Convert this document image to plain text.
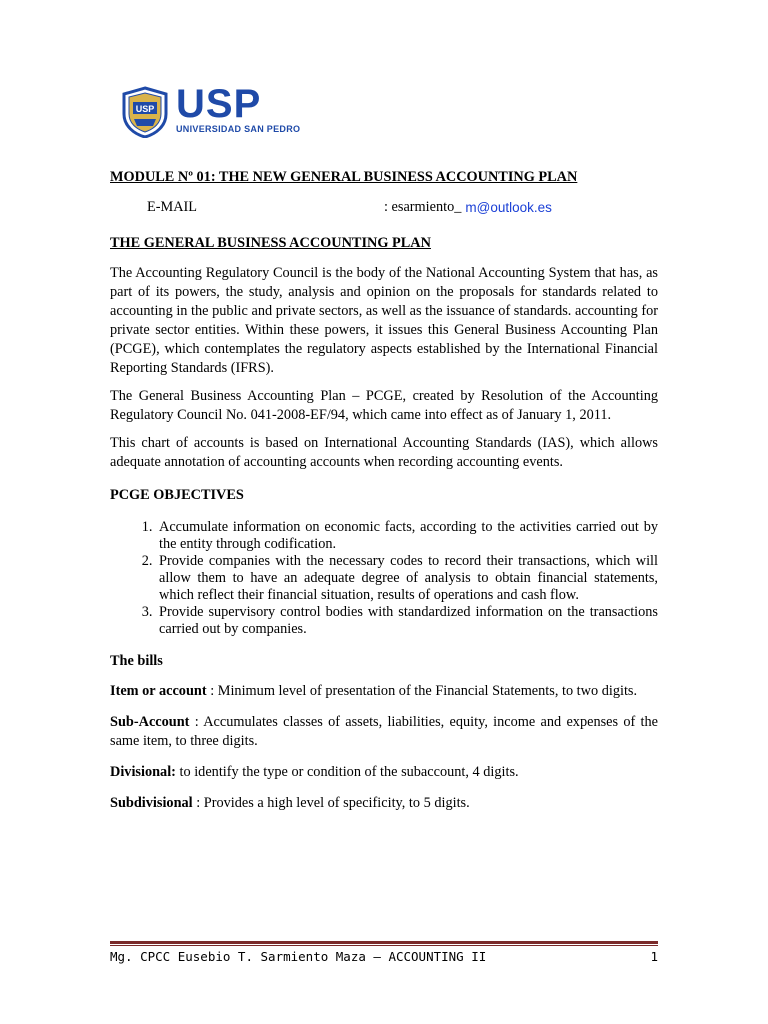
USP USP
UNIVERSIDAD SAN PEDRO
MODULE Nº 01: THE NEW GENERAL BUSINESS ACCOUNTING PLAN
E-MAIL	: esarmiento_ m@outlook.es
THE GENERAL BUSINESS ACCOUNTING PLAN

The Accounting Regulatory Council is the body of the National Accounting System that has, as part of its powers, the study, analysis and opinion on the proposals for standards related to accounting in the public and private sectors, as well as the issuance of standards. accounting for private sector entities. Within these powers, it issues this General Business Accounting Plan (PCGE), which contemplates the regulatory aspects established by the International Financial Reporting Standards (IFRS).

The General Business Accounting Plan – PCGE, created by Resolution of the Accounting Regulatory Council No. 041-2008-EF/94, which came into effect as of January 1, 2011.

This chart of accounts is based on International Accounting Standards (IAS), which allows adequate annotation of accounting accounts when recording accounting events.

PCGE OBJECTIVES
1. Accumulate information on economic facts, according to the activities carried out by the entity through codification.
2. Provide companies with the necessary codes to record their transactions, which will allow them to have an adequate degree of analysis to obtain financial statements, which reflect their financial situation, results of operations and cash flow.
3. Provide supervisory control bodies with standardized information on the transactions carried out by companies.
The bills
Item or account : Minimum level of presentation of the Financial Statements, to two digits.
Sub-Account : Accumulates classes of assets, liabilities, equity, income and expenses of the same item, to three digits.
Divisional: to identify the type or condition of the subaccount, 4 digits.
Subdivisional : Provides a high level of specificity, to 5 digits.
Mg. CPCC Eusebio T. Sarmiento Maza – ACCOUNTING II	1
